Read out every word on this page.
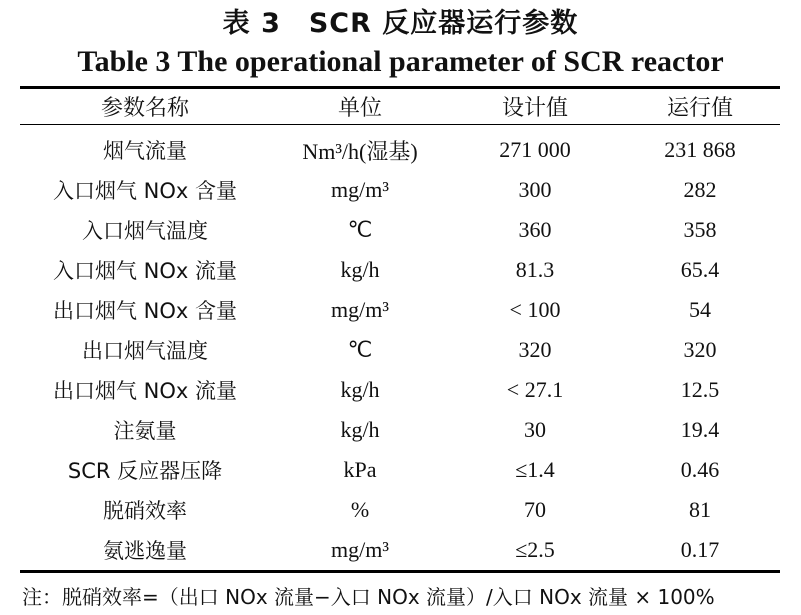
表 3　SCR 反应器运行参数
Table 3 The operational parameter of SCR reactor
参数名称	单位	设计值	运行值
烟气流量	Nm³/h(湿基)	271 000	231 868
入口烟气 NOx 含量	mg/m³	300	282
入口烟气温度	℃	360	358
入口烟气 NOx 流量	kg/h	81.3	65.4
出口烟气 NOx 含量	mg/m³	< 100	54
出口烟气温度	℃	320	320
出口烟气 NOx 流量	kg/h	< 27.1	12.5
注氨量	kg/h	30	19.4
SCR 反应器压降	kPa	≤1.4	0.46
脱硝效率	%	70	81
氨逃逸量	mg/m³	≤2.5	0.17
注：脱硝效率=（出口 NOx 流量−入口 NOx 流量）/入口 NOx 流量 × 100%
